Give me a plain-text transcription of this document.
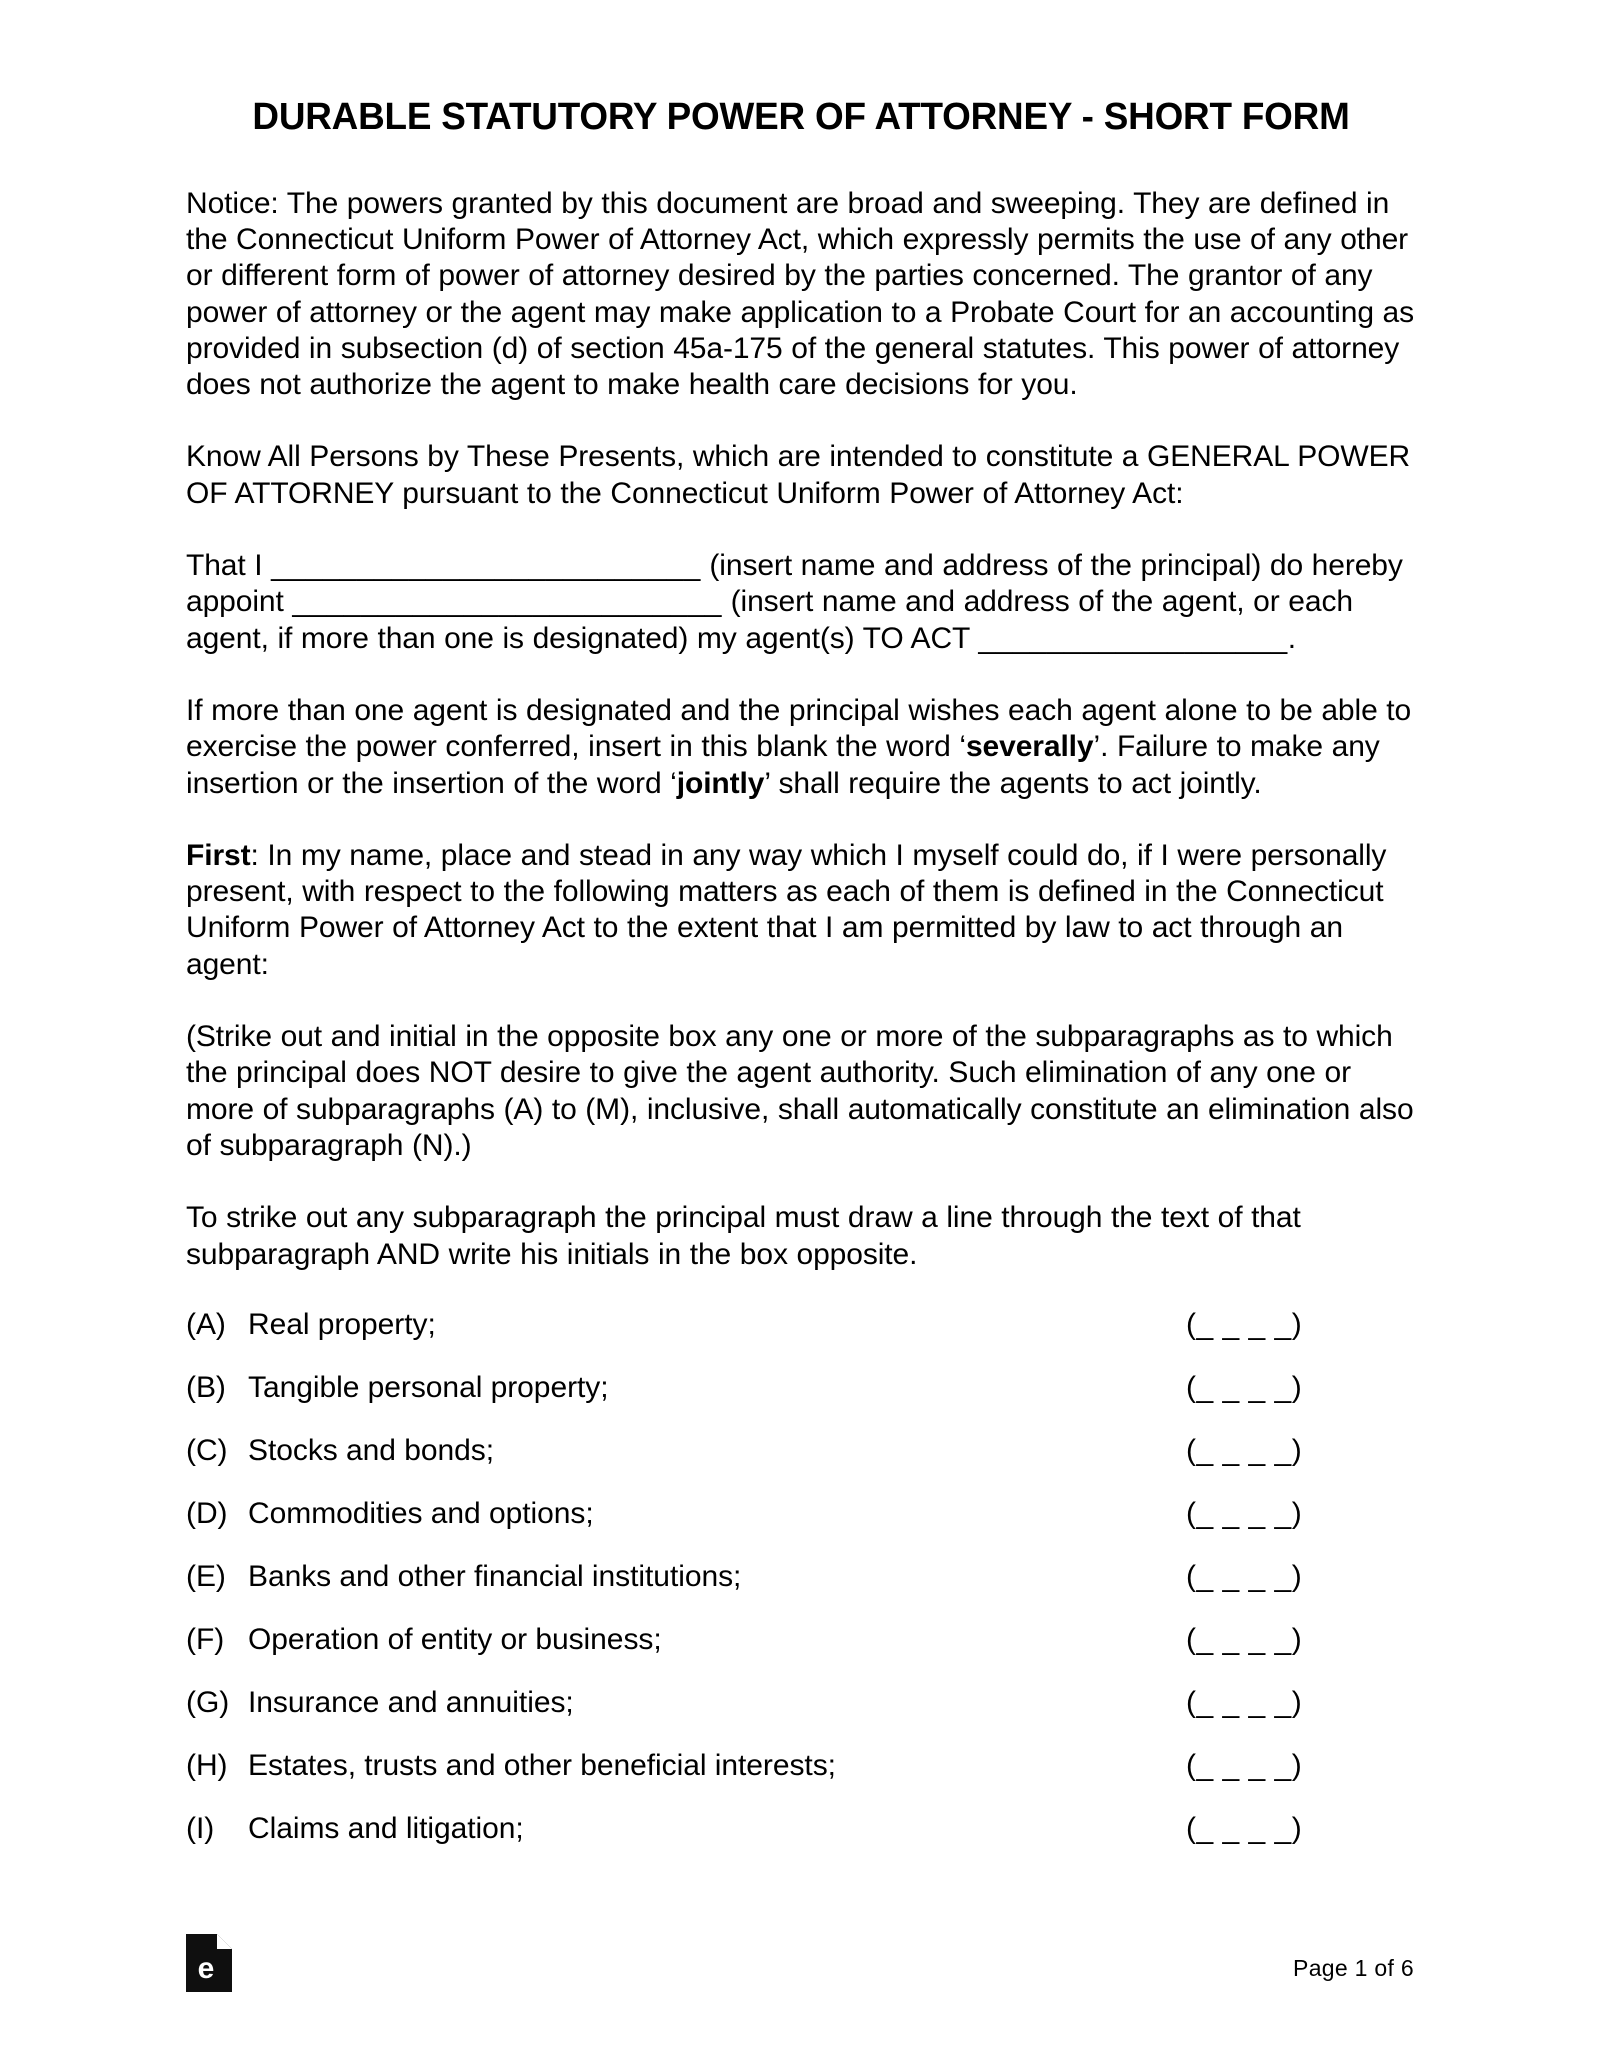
DURABLE STATUTORY POWER OF ATTORNEY - SHORT FORM

Notice: The powers granted by this document are broad and sweeping. They are defined in the Connecticut Uniform Power of Attorney Act, which expressly permits the use of any other or different form of power of attorney desired by the parties concerned. The grantor of any power of attorney or the agent may make application to a Probate Court for an accounting as provided in subsection (d) of section 45a-175 of the general statutes. This power of attorney does not authorize the agent to make health care decisions for you.

Know All Persons by These Presents, which are intended to constitute a GENERAL POWER OF ATTORNEY pursuant to the Connecticut Uniform Power of Attorney Act:

That I _________________________ (insert name and address of the principal) do hereby appoint _________________________ (insert name and address of the agent, or each agent, if more than one is designated) my agent(s) TO ACT __________________.

If more than one agent is designated and the principal wishes each agent alone to be able to exercise the power conferred, insert in this blank the word ‘severally’. Failure to make any insertion or the insertion of the word ‘jointly’ shall require the agents to act jointly.

First: In my name, place and stead in any way which I myself could do, if I were personally present, with respect to the following matters as each of them is defined in the Connecticut Uniform Power of Attorney Act to the extent that I am permitted by law to act through an agent:

(Strike out and initial in the opposite box any one or more of the subparagraphs as to which the principal does NOT desire to give the agent authority. Such elimination of any one or more of subparagraphs (A) to (M), inclusive, shall automatically constitute an elimination also of subparagraph (N).)

To strike out any subparagraph the principal must draw a line through the text of that subparagraph AND write his initials in the box opposite.

(A) Real property;	(_ _ _ _)
(B) Tangible personal property;	(_ _ _ _)
(C) Stocks and bonds;	(_ _ _ _)
(D) Commodities and options;	(_ _ _ _)
(E) Banks and other financial institutions;	(_ _ _ _)
(F) Operation of entity or business;	(_ _ _ _)
(G) Insurance and annuities;	(_ _ _ _)
(H) Estates, trusts and other beneficial interests;	(_ _ _ _)
(I)	Claims and litigation;	(_ _ _ _)
e	Page 1 of 6
